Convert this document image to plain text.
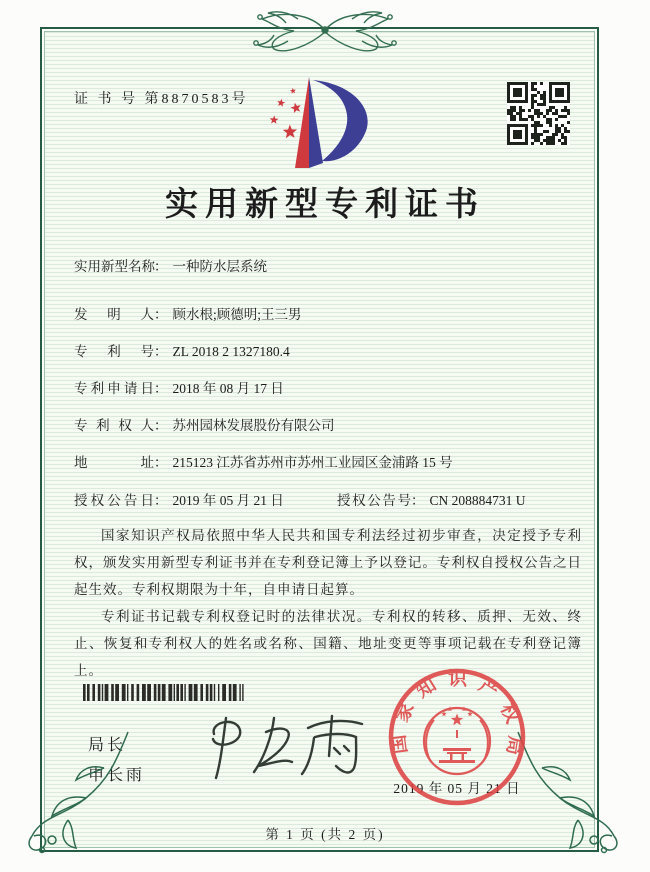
证 书 号 第8870583号
实用新型专利证书
实用新型名称： 一种防水层系统
发明人： 顾水根;顾德明;王三男
专利号： ZL 2018 2 1327180.4
专利申请日： 2018 年 08 月 17 日
专利权人： 苏州园林发展股份有限公司
地址： 215123 江苏省苏州市苏州工业园区金浦路 15 号
授权公告日： 2019 年 05 月 21 日	授权公告号： CN 208884731 U

国家知识产权局依照中华人民共和国专利法经过初步审查，决定授予专利权，颁发实用新型专利证书并在专利登记簿上予以登记。专利权自授权公告之日起生效。专利权期限为十年，自申请日起算。

专利证书记载专利权登记时的法律状况。专利权的转移、质押、无效、终止、恢复和专利权人的姓名或名称、国籍、地址变更等事项记载在专利登记簿上。

局长
申长雨
国家知识产权局
2019 年 05 月 21 日
第 1 页 (共 2 页)
